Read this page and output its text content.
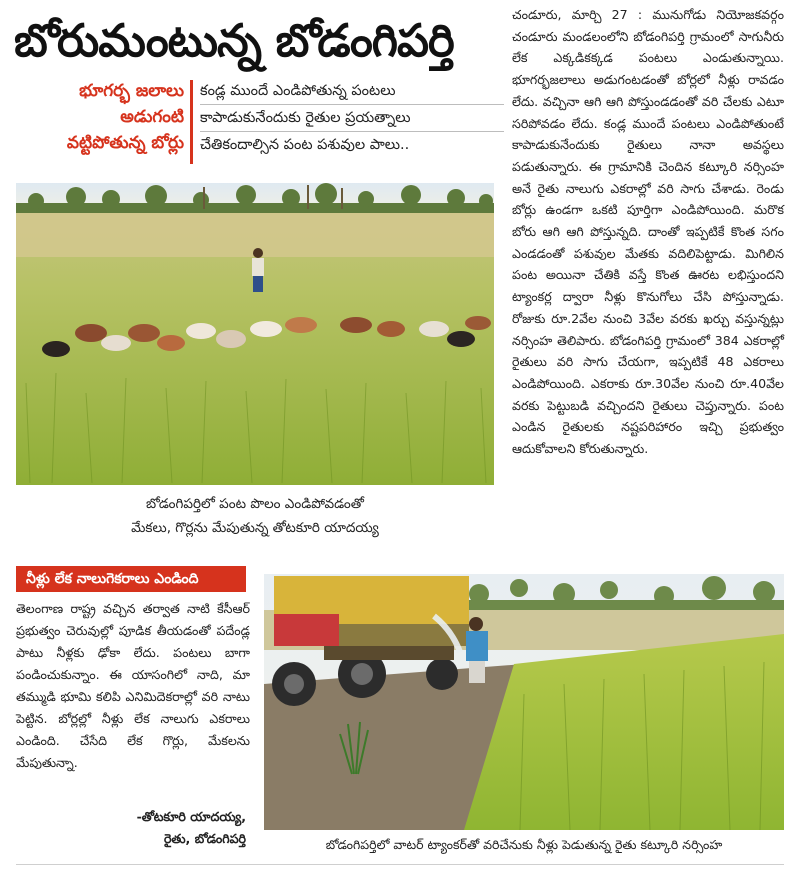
బోరుమంటున్న బోడంగిపర్తి
భూగర్భ జలాలు
అడుగంటి
వట్టిపోతున్న బోర్లు
కండ్ల ముందే ఎండిపోతున్న పంటలు
కాపాడుకునేందుకు రైతుల ప్రయత్నాలు
చేతికందాల్సిన పంట పశువుల పాలు..
బోడంగిపర్తిలో పంట పొలం ఎండిపోవడంతో
మేకలు, గొర్లను మేపుతున్న తోటకూరి యాదయ్య

చండూరు, మార్చి 27 : మునుగోడు నియోజకవర్గం చండూరు మండలంలోని బోడంగిపర్తి గ్రామంలో సాగునీరు లేక ఎక్కడికక్కడ పంటలు ఎండుతున్నాయి. భూగర్భజలాలు అడుగంటడంతో బోర్లలో నీళ్లు రావడం లేదు. వచ్చినా ఆగి ఆగి పోస్తుండడంతో వరి చేలకు ఎటూ సరిపోవడం లేదు. కండ్ల ముందే పంటలు ఎండిపోతుంటే కాపాడుకునేందుకు రైతులు నానా అవస్థలు పడుతున్నారు. ఈ గ్రామానికి చెందిన కట్కూరి నర్సింహ అనే రైతు నాలుగు ఎకరాల్లో వరి సాగు చేశాడు. రెండు బోర్లు ఉండగా ఒకటి పూర్తిగా ఎండిపోయింది. మరొక బోరు ఆగి ఆగి పోస్తున్నది. దాంతో ఇప్పటికే కొంత సగం ఎండడంతో పశువుల మేతకు వదిలిపెట్టాడు. మిగిలిన పంట అయినా చేతికి వస్తే కొంత ఊరట లభిస్తుందని ట్యాంకర్ల ద్వారా నీళ్లు కొనుగోలు చేసి పోస్తున్నాడు. రోజుకు రూ.2వేల నుంచి 3వేల వరకు ఖర్చు వస్తున్నట్లు నర్సింహ తెలిపారు. బోడంగిపర్తి గ్రామంలో 384 ఎకరాల్లో రైతులు వరి సాగు చేయగా, ఇప్పటికే 48 ఎకరాలు ఎండిపోయింది. ఎకరాకు రూ.30వేల నుంచి రూ.40వేల వరకు పెట్టుబడి వచ్చిందని రైతులు చెప్తున్నారు. పంట ఎండిన రైతులకు నష్టపరిహారం ఇచ్చి ప్రభుత్వం ఆదుకోవాలని కోరుతున్నారు.

నీళ్లు లేక నాలుగెకరాలు ఎండింది
తెలంగాణ రాష్ట్ర వచ్చిన తర్వాత నాటి కేసీఆర్ ప్రభుత్వం చెరువుల్లో పూడిక తీయడంతో పదేండ్ల పాటు నీళ్లకు ఢోకా లేదు. పంటలు బాగా పండించుకున్నాం. ఈ యాసంగిలో నాది, మా తమ్ముడి భూమి కలిపి ఎనిమిదెకరాల్లో వరి నాటు పెట్టిన. బోర్లల్లో నీళ్లు లేక నాలుగు ఎకరాలు ఎండింది. చేసేది లేక గొర్లు, మేకలను మేపుతున్నా.
-తోటకూరి యాదయ్య,
రైతు, బోడంగిపర్తి	బోడంగిపర్తిలో వాటర్ ట్యాంకర్‌తో వరిచేనుకు నీళ్లు పెడుతున్న రైతు కట్కూరి నర్సింహ
